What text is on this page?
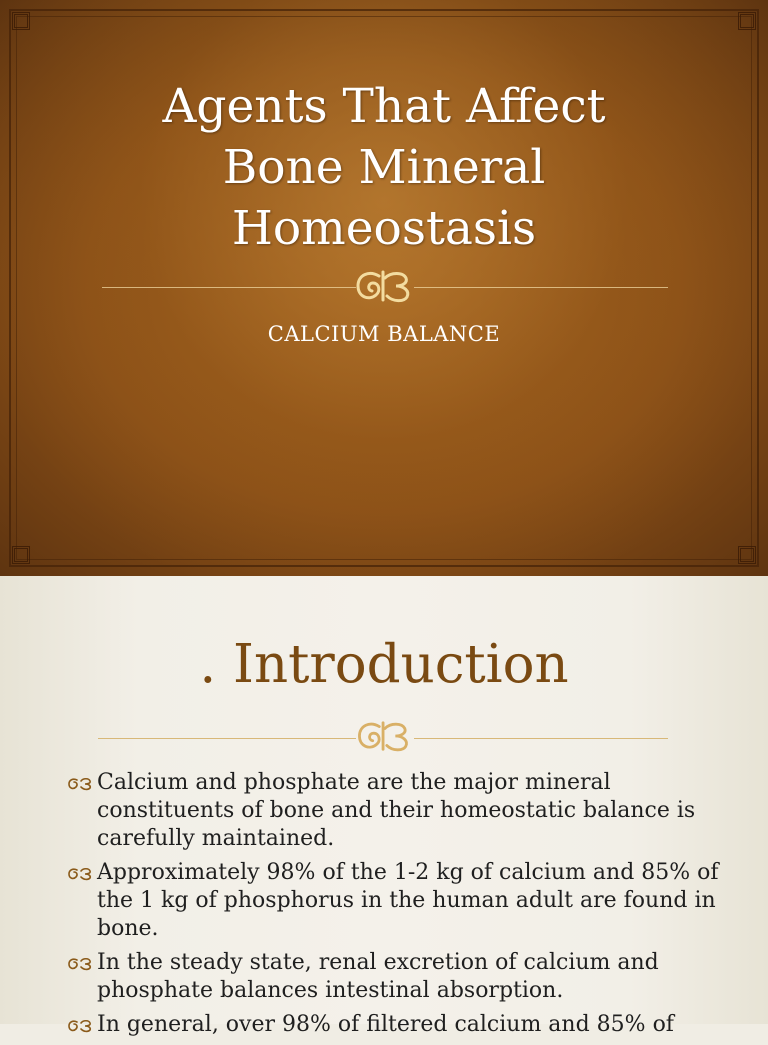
Agents That Affect
Bone Mineral
Homeostasis
CALCIUM BALANCE
. Introduction
Calcium and phosphate are the major mineral constituents of bone and their homeostatic balance is carefully maintained.
Approximately 98% of the 1-2 kg of calcium and 85% of the 1 kg of phosphorus in the human adult are found in bone.
In the steady state, renal excretion of calcium and phosphate balances intestinal absorption.
In general, over 98% of filtered calcium and 85% of
